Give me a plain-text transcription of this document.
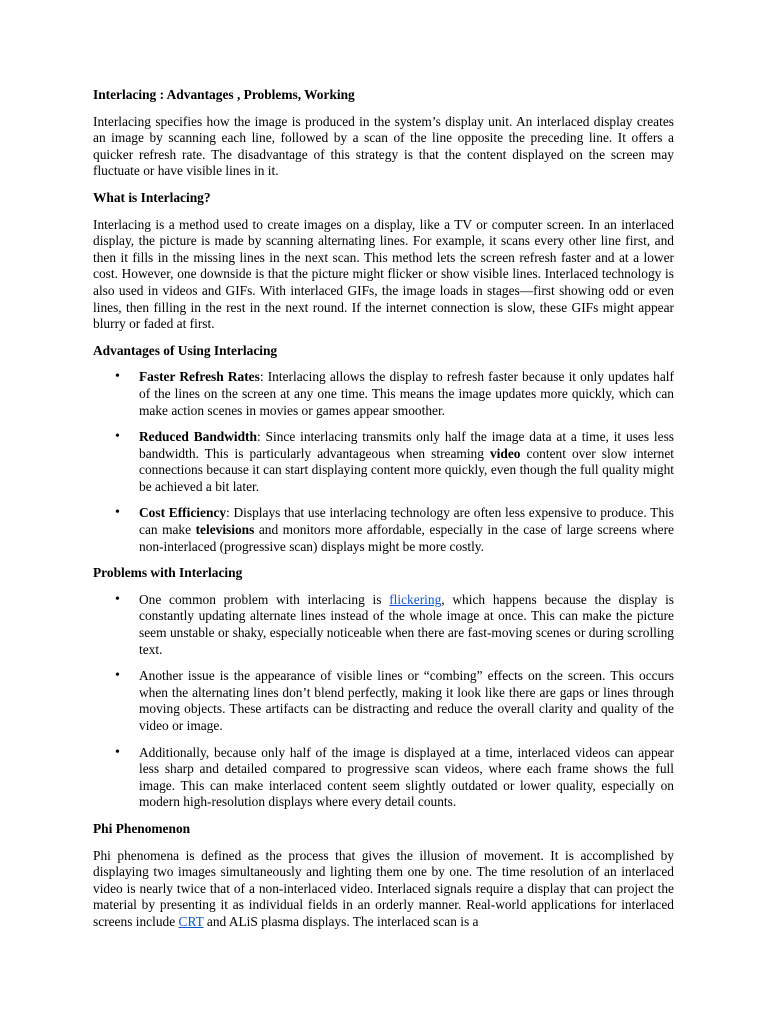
Interlacing : Advantages , Problems, Working

Interlacing specifies how the image is produced in the system’s display unit. An interlaced display creates an image by scanning each line, followed by a scan of the line opposite the preceding line. It offers a quicker refresh rate. The disadvantage of this strategy is that the content displayed on the screen may fluctuate or have visible lines in it.

What is Interlacing?

Interlacing is a method used to create images on a display, like a TV or computer screen. In an interlaced display, the picture is made by scanning alternating lines. For example, it scans every other line first, and then it fills in the missing lines in the next scan. This method lets the screen refresh faster and at a lower cost. However, one downside is that the picture might flicker or show visible lines. Interlaced technology is also used in videos and GIFs. With interlaced GIFs, the image loads in stages—first showing odd or even lines, then filling in the rest in the next round. If the internet connection is slow, these GIFs might appear blurry or faded at first.

Advantages of Using Interlacing
• Faster Refresh Rates: Interlacing allows the display to refresh faster because it only updates half of the lines on the screen at any one time. This means the image updates more quickly, which can make action scenes in movies or games appear smoother.
• Reduced Bandwidth: Since interlacing transmits only half the image data at a time, it uses less bandwidth. This is particularly advantageous when streaming video content over slow internet connections because it can start displaying content more quickly, even though the full quality might be achieved a bit later.
• Cost Efficiency: Displays that use interlacing technology are often less expensive to produce. This can make televisions and monitors more affordable, especially in the case of large screens where non-interlaced (progressive scan) displays might be more costly.
Problems with Interlacing
• One common problem with interlacing is flickering, which happens because the display is constantly updating alternate lines instead of the whole image at once. This can make the picture seem unstable or shaky, especially noticeable when there are fast-moving scenes or during scrolling text.
• Another issue is the appearance of visible lines or “combing” effects on the screen. This occurs when the alternating lines don’t blend perfectly, making it look like there are gaps or lines through moving objects. These artifacts can be distracting and reduce the overall clarity and quality of the video or image.
• Additionally, because only half of the image is displayed at a time, interlaced videos can appear less sharp and detailed compared to progressive scan videos, where each frame shows the full image. This can make interlaced content seem slightly outdated or lower quality, especially on modern high-resolution displays where every detail counts.
Phi Phenomenon

Phi phenomena is defined as the process that gives the illusion of movement. It is accomplished by displaying two images simultaneously and lighting them one by one. The time resolution of an interlaced video is nearly twice that of a non-interlaced video. Interlaced signals require a display that can project the material by presenting it as individual fields in an orderly manner. Real-world applications for interlaced screens include CRT and ALiS plasma displays. The interlaced scan is a
